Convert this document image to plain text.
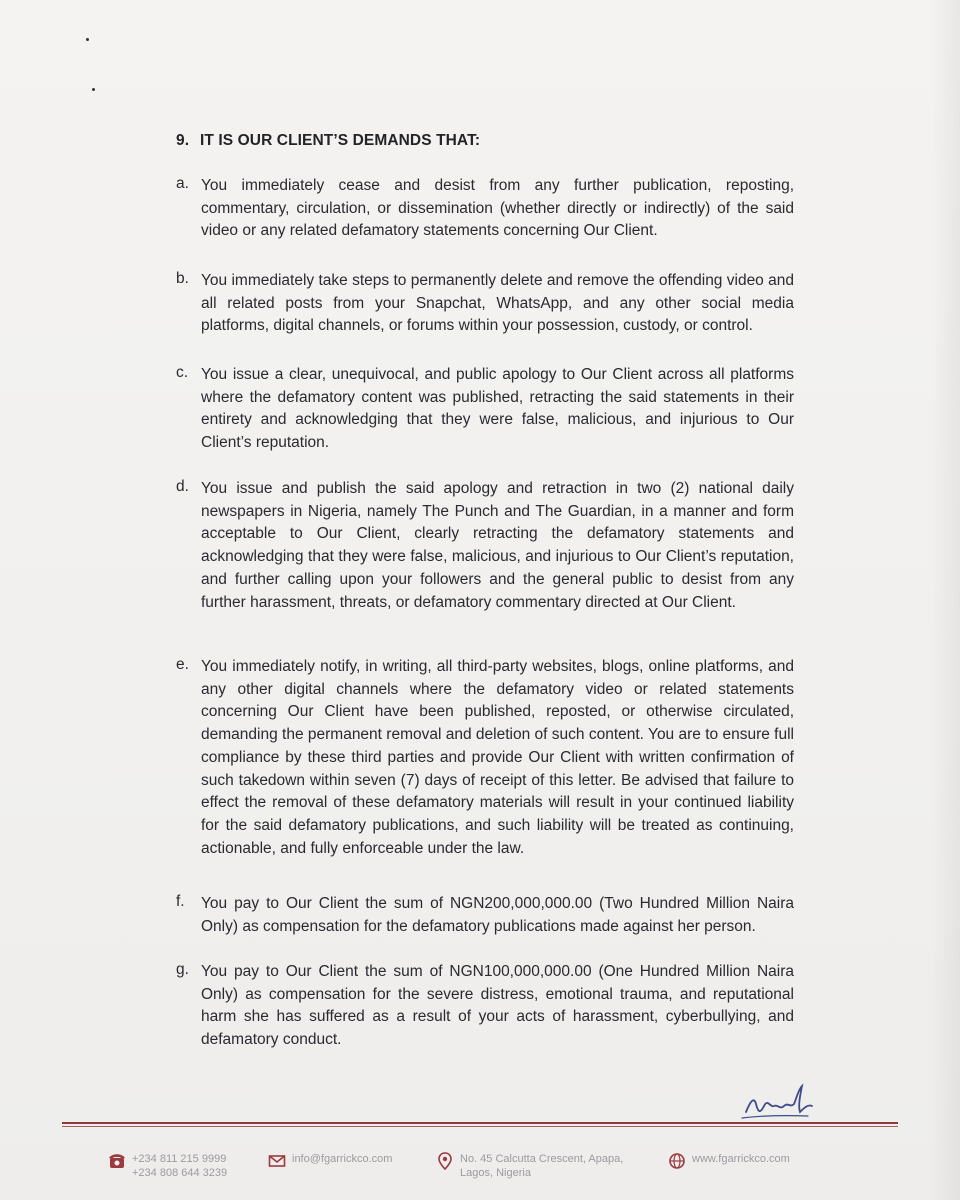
9. IT IS OUR CLIENT’S DEMANDS THAT:
a. You immediately cease and desist from any further publication, reposting, commentary, circulation, or dissemination (whether directly or indirectly) of the said video or any related defamatory statements concerning Our Client.
b. You immediately take steps to permanently delete and remove the offending video and all related posts from your Snapchat, WhatsApp, and any other social media platforms, digital channels, or forums within your possession, custody, or control.
c. You issue a clear, unequivocal, and public apology to Our Client across all platforms where the defamatory content was published, retracting the said statements in their entirety and acknowledging that they were false, malicious, and injurious to Our Client’s reputation.
d. You issue and publish the said apology and retraction in two (2) national daily newspapers in Nigeria, namely The Punch and The Guardian, in a manner and form acceptable to Our Client, clearly retracting the defamatory statements and acknowledging that they were false, malicious, and injurious to Our Client’s reputation, and further calling upon your followers and the general public to desist from any further harassment, threats, or defamatory commentary directed at Our Client.
e. You immediately notify, in writing, all third-party websites, blogs, online platforms, and any other digital channels where the defamatory video or related statements concerning Our Client have been published, reposted, or otherwise circulated, demanding the permanent removal and deletion of such content. You are to ensure full compliance by these third parties and provide Our Client with written confirmation of such takedown within seven (7) days of receipt of this letter. Be advised that failure to effect the removal of these defamatory materials will result in your continued liability for the said defamatory publications, and such liability will be treated as continuing, actionable, and fully enforceable under the law.
f. You pay to Our Client the sum of NGN200,000,000.00 (Two Hundred Million Naira Only) as compensation for the defamatory publications made against her person.
g. You pay to Our Client the sum of NGN100,000,000.00 (One Hundred Million Naira Only) as compensation for the severe distress, emotional trauma, and reputational harm she has suffered as a result of your acts of harassment, cyberbullying, and defamatory conduct.
+234 811 215 9999
+234 808 644 3239
info@fgarrickco.com	No. 45 Calcutta Crescent, Apapa,
Lagos, Nigeria
www.fgarrickco.com
